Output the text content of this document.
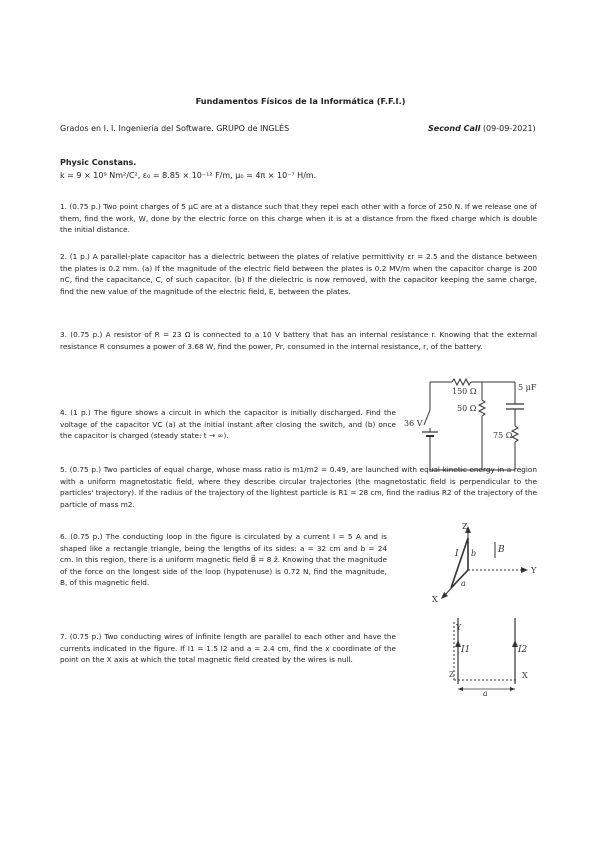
Fundamentos Físicos de la Informática (F.F.I.)
Grados en I. I. Ingeniería del Software. GRUPO de INGLÉS	Second Call (09-09-2021)
Physic Constans.
k = 9 × 10⁹ Nm²/C², ε₀ = 8.85 × 10⁻¹² F/m, μ₀ = 4π × 10⁻⁷ H/m.
1. (0.75 p.) Two point charges of 5 μC are at a distance such that they repel each other with a force of 250 N. If we release one of them, find the work, W, done by the electric force on this charge when it is at a distance from the fixed charge which is double the initial distance.
2. (1 p.) A parallel-plate capacitor has a dielectric between the plates of relative permittivity εr = 2.5 and the distance between the plates is 0.2 mm. (a) If the magnitude of the electric field between the plates is 0.2 MV/m when the capacitor charge is 200 nC, find the capacitance, C, of such capacitor. (b) If the dielectric is now removed, with the capacitor keeping the same charge, find the new value of the magnitude of the electric field, E, between the plates.
3. (0.75 p.) A resistor of R = 23 Ω is connected to a 10 V battery that has an internal resistance r. Knowing that the external resistance R consumes a power of 3.68 W, find the power, Pr, consumed in the internal resistance, r, of the battery.
4. (1 p.) The figure shows a circuit in which the capacitor is initially discharged. Find the voltage of the capacitor VC (a) at the initial instant after closing the switch, and (b) once the capacitor is charged (steady state: t → ∞).
150 Ω
36 V
50 Ω
5 μF
75 Ω
5. (0.75 p.) Two particles of equal charge, whose mass ratio is m1/m2 = 0.49, are launched with equal kinetic energy in a region with a uniform magnetostatic field, where they describe circular trajectories (the magnetostatic field is perpendicular to the particles' trajectory). If the radius of the trajectory of the lightest particle is R1 = 28 cm, find the radius R2 of the trajectory of the particle of mass m2.
6. (0.75 p.) The conducting loop in the figure is circulated by a current I = 5 A and is shaped like a rectangle triangle, being the lengths of its sides: a = 32 cm and b = 24 cm. In this region, there is a uniform magnetic field B⃗ = 8 ẑ. Knowing that the magnitude of the force on the longest side of the loop (hypotenuse) is 0.72 N, find the magnitude, B, of this magnetic field.
Z
Y
X
I b
a
B
7. (0.75 p.) Two conducting wires of infinite length are parallel to each other and have the currents indicated in the figure. If I1 = 1.5 I2 and a = 2.4 cm, find the x coordinate of the point on the X axis at which the total magnetic field created by the wires is null.
Y
X
Z
I1	I2
a
